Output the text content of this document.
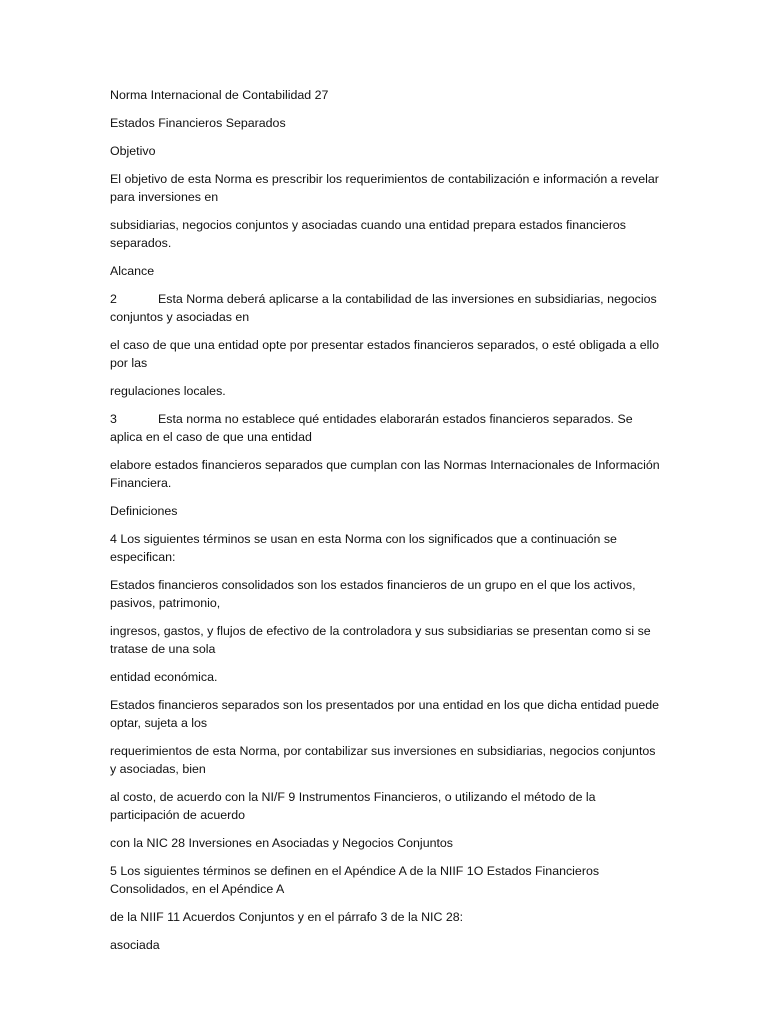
Norma Internacional de Contabilidad 27

Estados Financieros Separados

Objetivo

El objetivo de esta Norma es prescribir los requerimientos de contabilización e información a revelar para inversiones en

subsidiarias, negocios conjuntos y asociadas cuando una entidad prepara estados financieros separados.

Alcance

2	Esta Norma deberá aplicarse a la contabilidad de las inversiones en subsidiarias, negocios conjuntos y asociadas en

el caso de que una entidad opte por presentar estados financieros separados, o esté obligada a ello por las

regulaciones locales.

3	Esta norma no establece qué entidades elaborarán estados financieros separados. Se aplica en el caso de que una entidad

elabore estados financieros separados que cumplan con las Normas Internacionales de Información Financiera.

Definiciones

4 Los siguientes términos se usan en esta Norma con los significados que a continuación se especifican:

Estados financieros consolidados son los estados financieros de un grupo en el que los activos, pasivos, patrimonio,

ingresos, gastos, y flujos de efectivo de la controladora y sus subsidiarias se presentan como si se tratase de una sola

entidad económica.

Estados financieros separados son los presentados por una entidad en los que dicha entidad puede optar, sujeta a los

requerimientos de esta Norma, por contabilizar sus inversiones en subsidiarias, negocios conjuntos y asociadas, bien

al costo, de acuerdo con la NI/F 9 Instrumentos Financieros, o utilizando el método de la participación de acuerdo

con la NIC 28 Inversiones en Asociadas y Negocios Conjuntos

5 Los siguientes términos se definen en el Apéndice A de la NIIF 1O Estados Financieros Consolidados, en el Apéndice A

de la NIIF 11 Acuerdos Conjuntos y en el párrafo 3 de la NIC 28:

asociada
